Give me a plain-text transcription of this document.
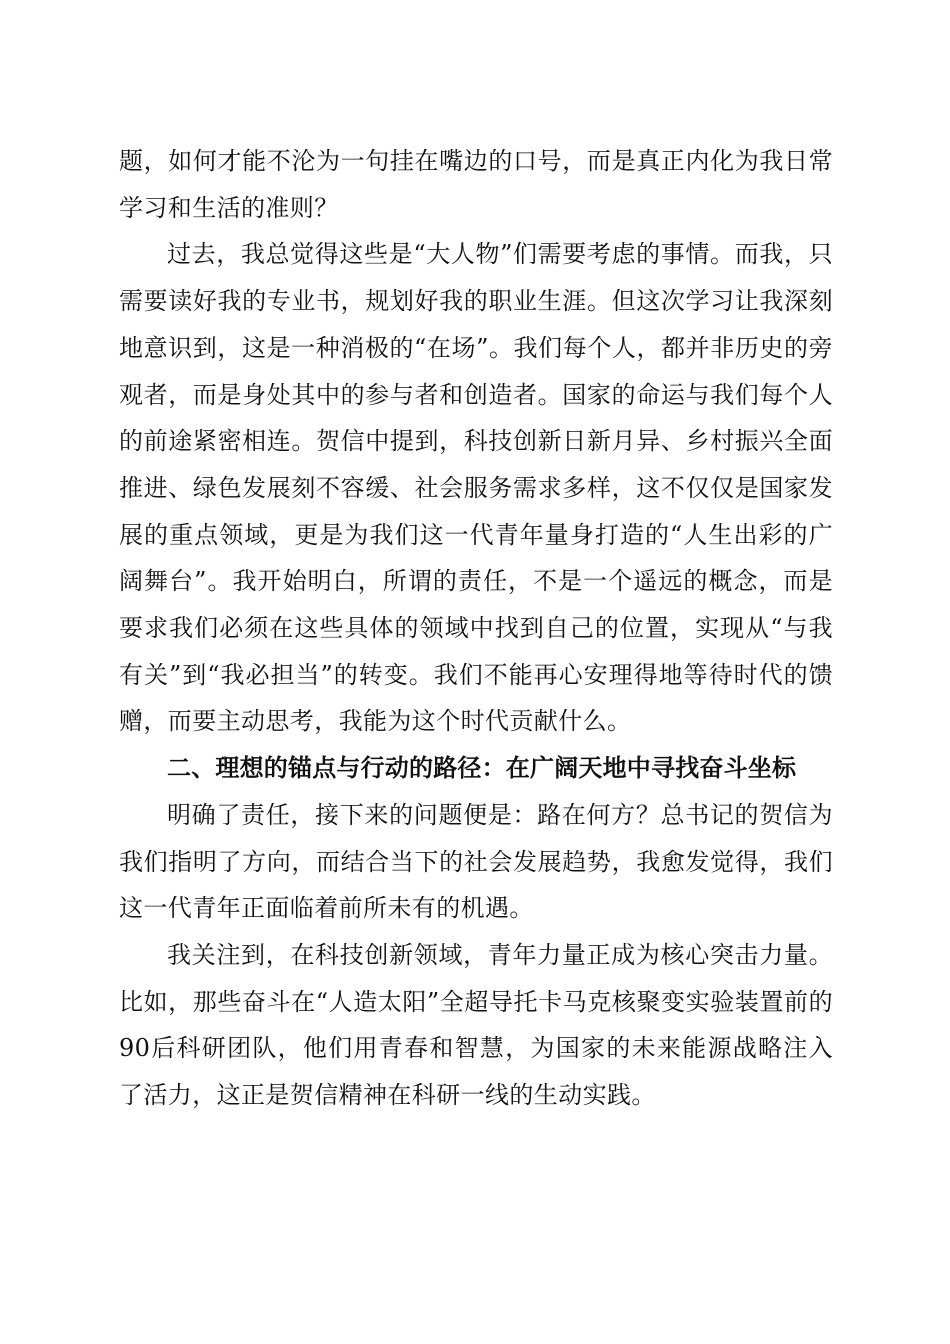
题，如何才能不沦为一句挂在嘴边的口号，而是真正内化为我日常学习和生活的准则？

过去，我总觉得这些是“大人物”们需要考虑的事情。而我，只需要读好我的专业书，规划好我的职业生涯。但这次学习让我深刻地意识到，这是一种消极的“在场”。我们每个人，都并非历史的旁观者，而是身处其中的参与者和创造者。国家的命运与我们每个人的前途紧密相连。贺信中提到，科技创新日新月异、乡村振兴全面推进、绿色发展刻不容缓、社会服务需求多样，这不仅仅是国家发展的重点领域，更是为我们这一代青年量身打造的“人生出彩的广阔舞台”。我开始明白，所谓的责任，不是一个遥远的概念，而是要求我们必须在这些具体的领域中找到自己的位置，实现从“与我有关”到“我必担当”的转变。我们不能再心安理得地等待时代的馈赠，而要主动思考，我能为这个时代贡献什么。

二、理想的锚点与行动的路径：在广阔天地中寻找奋斗坐标

明确了责任，接下来的问题便是：路在何方？总书记的贺信为我们指明了方向，而结合当下的社会发展趋势，我愈发觉得，我们这一代青年正面临着前所未有的机遇。

我关注到，在科技创新领域，青年力量正成为核心突击力量。比如，那些奋斗在“人造太阳”全超导托卡马克核聚变实验装置前的90后科研团队，他们用青春和智慧，为国家的未来能源战略注入了活力，这正是贺信精神在科研一线的生动实践。
